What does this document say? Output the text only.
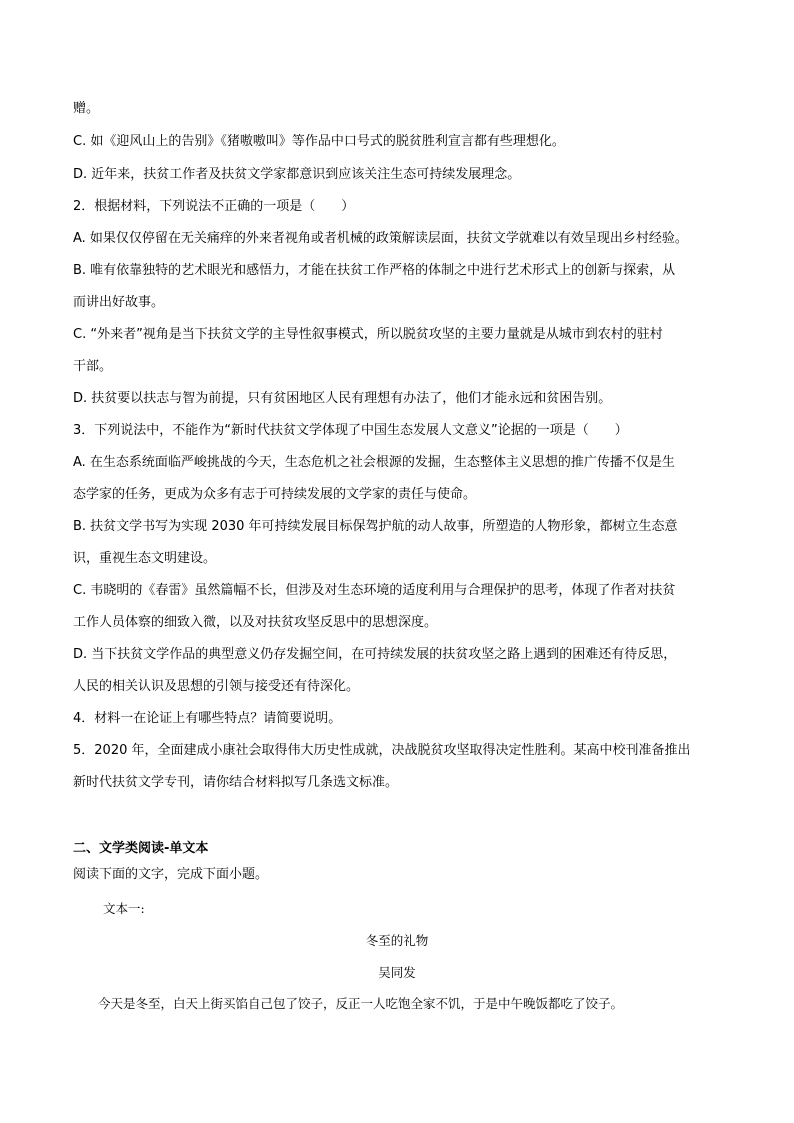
赠。
C. 如《迎风山上的告别》《猪嗷嗷叫》等作品中口号式的脱贫胜利宣言都有些理想化。
D. 近年来，扶贫工作者及扶贫文学家都意识到应该关注生态可持续发展理念。
2．根据材料，下列说法不正确的一项是（　　）
A. 如果仅仅停留在无关痛痒的外来者视角或者机械的政策解读层面，扶贫文学就难以有效呈现出乡村经验。
B. 唯有依靠独特的艺术眼光和感悟力，才能在扶贫工作严格的体制之中进行艺术形式上的创新与探索，从
而讲出好故事。
C. “外来者”视角是当下扶贫文学的主导性叙事模式，所以脱贫攻坚的主要力量就是从城市到农村的驻村
干部。
D. 扶贫要以扶志与智为前提，只有贫困地区人民有理想有办法了，他们才能永远和贫困告别。
3．下列说法中，不能作为“新时代扶贫文学体现了中国生态发展人文意义”论据的一项是（　　）
A. 在生态系统面临严峻挑战的今天，生态危机之社会根源的发掘，生态整体主义思想的推广传播不仅是生
态学家的任务，更成为众多有志于可持续发展的文学家的责任与使命。
B. 扶贫文学书写为实现 2030 年可持续发展目标保驾护航的动人故事，所塑造的人物形象，都树立生态意
识，重视生态文明建设。
C. 韦晓明的《春雷》虽然篇幅不长，但涉及对生态环境的适度利用与合理保护的思考，体现了作者对扶贫
工作人员体察的细致入微，以及对扶贫攻坚反思中的思想深度。
D. 当下扶贫文学作品的典型意义仍存发掘空间，在可持续发展的扶贫攻坚之路上遇到的困难还有待反思，
人民的相关认识及思想的引领与接受还有待深化。
4．材料一在论证上有哪些特点？请简要说明。
5．2020 年，全面建成小康社会取得伟大历史性成就，决战脱贫攻坚取得决定性胜利。某高中校刊准备推出
新时代扶贫文学专刊，请你结合材料拟写几条选文标准。
二、文学类阅读-单文本
阅读下面的文字，完成下面小题。
文本一:
冬至的礼物
吴同发
今天是冬至，白天上街买馅自己包了饺子，反正一人吃饱全家不饥，于是中午晚饭都吃了饺子。
